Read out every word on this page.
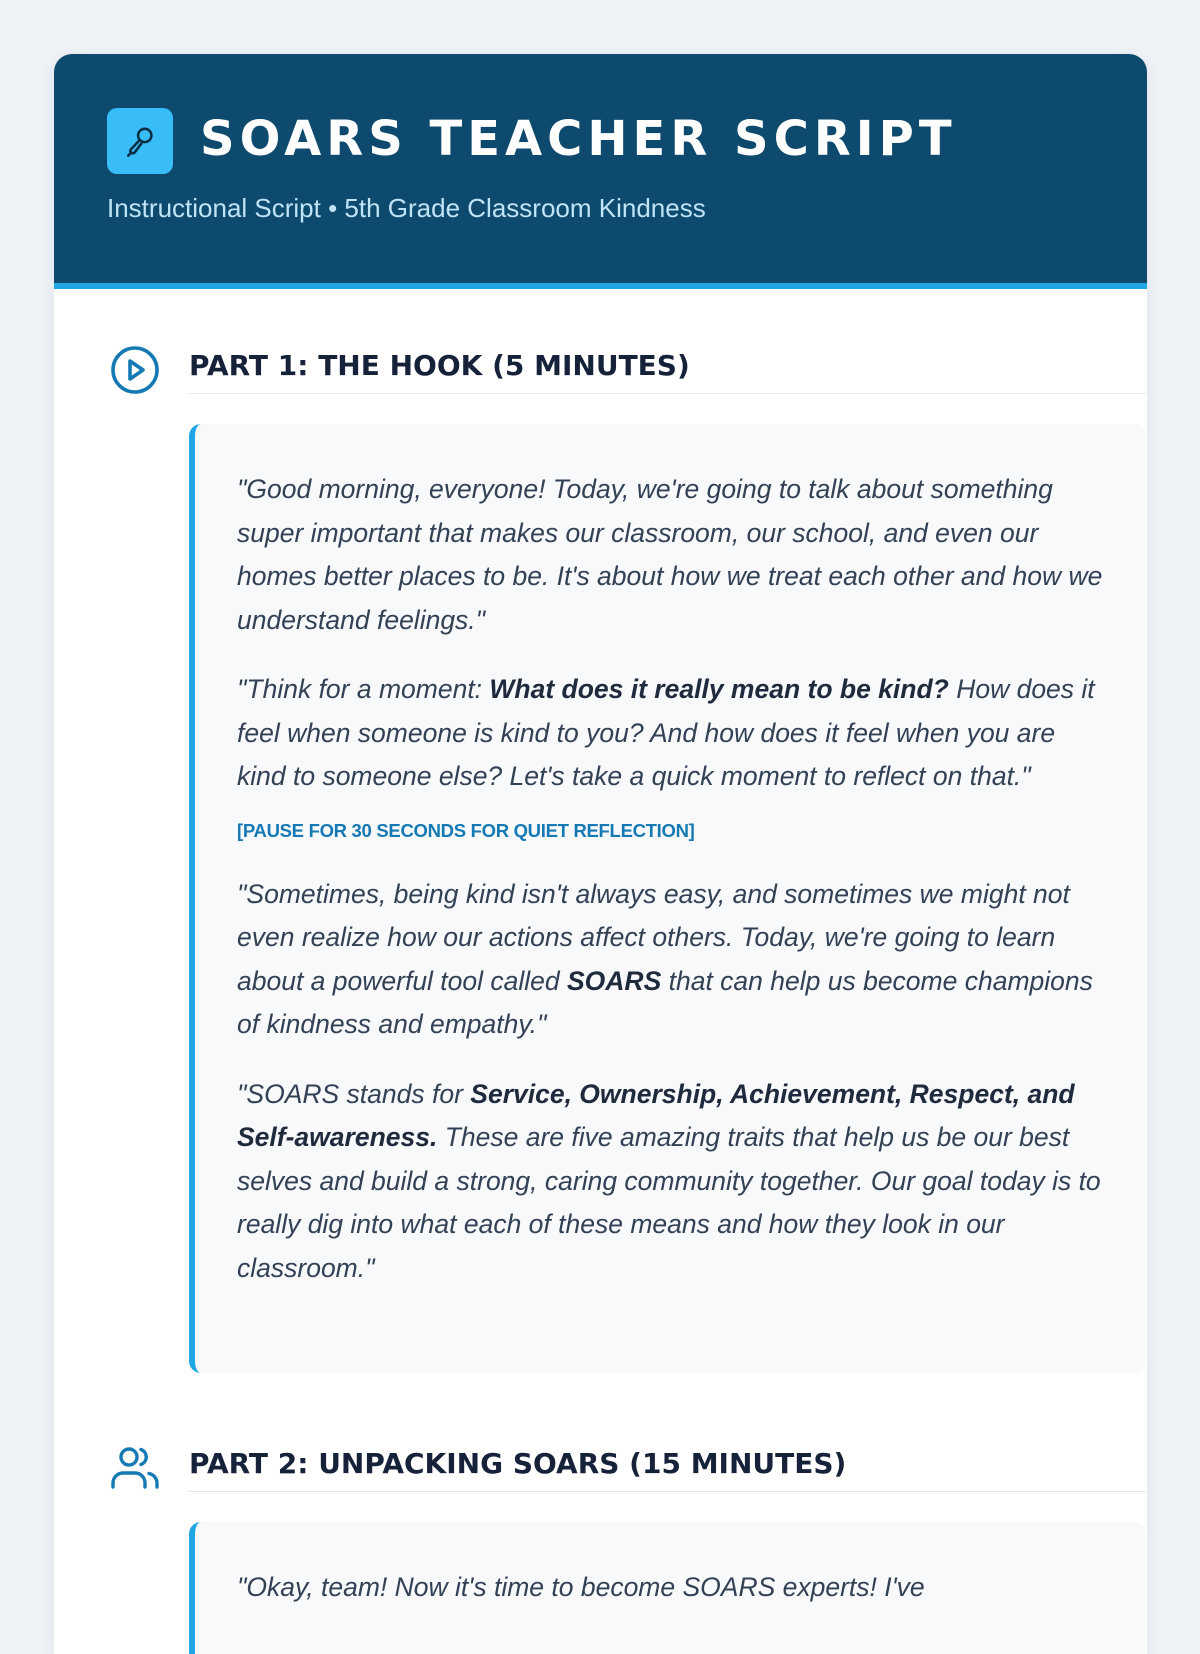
SOARS TEACHER SCRIPT
Instructional Script • 5th Grade Classroom Kindness
PART 1: THE HOOK (5 MINUTES)

"Good morning, everyone! Today, we're going to talk about something super important that makes our classroom, our school, and even our homes better places to be. It's about how we treat each other and how we understand feelings."

"Think for a moment: What does it really mean to be kind? How does it feel when someone is kind to you? And how does it feel when you are kind to someone else? Let's take a quick moment to reflect on that."

[PAUSE FOR 30 SECONDS FOR QUIET REFLECTION]

"Sometimes, being kind isn't always easy, and sometimes we might not even realize how our actions affect others. Today, we're going to learn about a powerful tool called SOARS that can help us become champions of kindness and empathy."

"SOARS stands for Service, Ownership, Achievement, Respect, and Self-awareness. These are five amazing traits that help us be our best selves and build a strong, caring community together. Our goal today is to really dig into what each of these means and how they look in our classroom."

PART 2: UNPACKING SOARS (15 MINUTES)

"Okay, team! Now it's time to become SOARS experts! I've
